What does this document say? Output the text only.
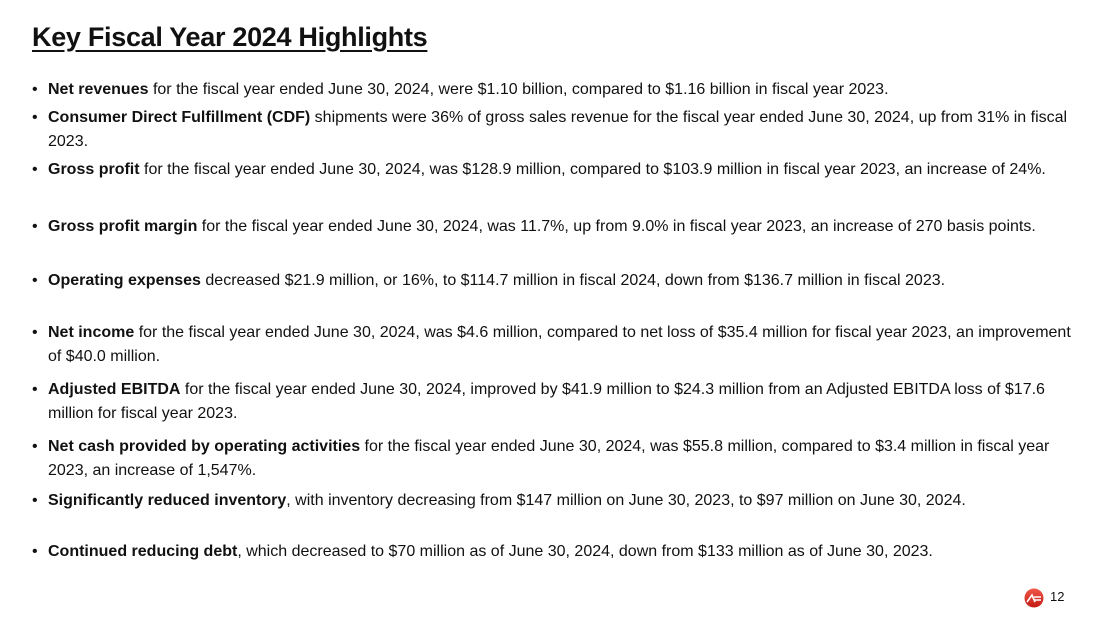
Key Fiscal Year 2024 Highlights
• Net revenues for the fiscal year ended June 30, 2024, were $1.10 billion, compared to $1.16 billion in fiscal year 2023.
• Consumer Direct Fulfillment (CDF) shipments were 36% of gross sales revenue for the fiscal year ended June 30, 2024, up from 31% in fiscal 2023.
• Gross profit for the fiscal year ended June 30, 2024, was $128.9 million, compared to $103.9 million in fiscal year 2023, an increase of 24%.
• Gross profit margin for the fiscal year ended June 30, 2024, was 11.7%, up from 9.0% in fiscal year 2023, an increase of 270 basis points.
• Operating expenses decreased $21.9 million, or 16%, to $114.7 million in fiscal 2024, down from $136.7 million in fiscal 2023.
• Net income for the fiscal year ended June 30, 2024, was $4.6 million, compared to net loss of $35.4 million for fiscal year 2023, an improvement of $40.0 million.
• Adjusted EBITDA for the fiscal year ended June 30, 2024, improved by $41.9 million to $24.3 million from an Adjusted EBITDA loss of $17.6 million for fiscal year 2023.
• Net cash provided by operating activities for the fiscal year ended June 30, 2024, was $55.8 million, compared to $3.4 million in fiscal year 2023, an increase of 1,547%.
• Significantly reduced inventory, with inventory decreasing from $147 million on June 30, 2023, to $97 million on June 30, 2024.
• Continued reducing debt, which decreased to $70 million as of June 30, 2024, down from $133 million as of June 30, 2023.
12
